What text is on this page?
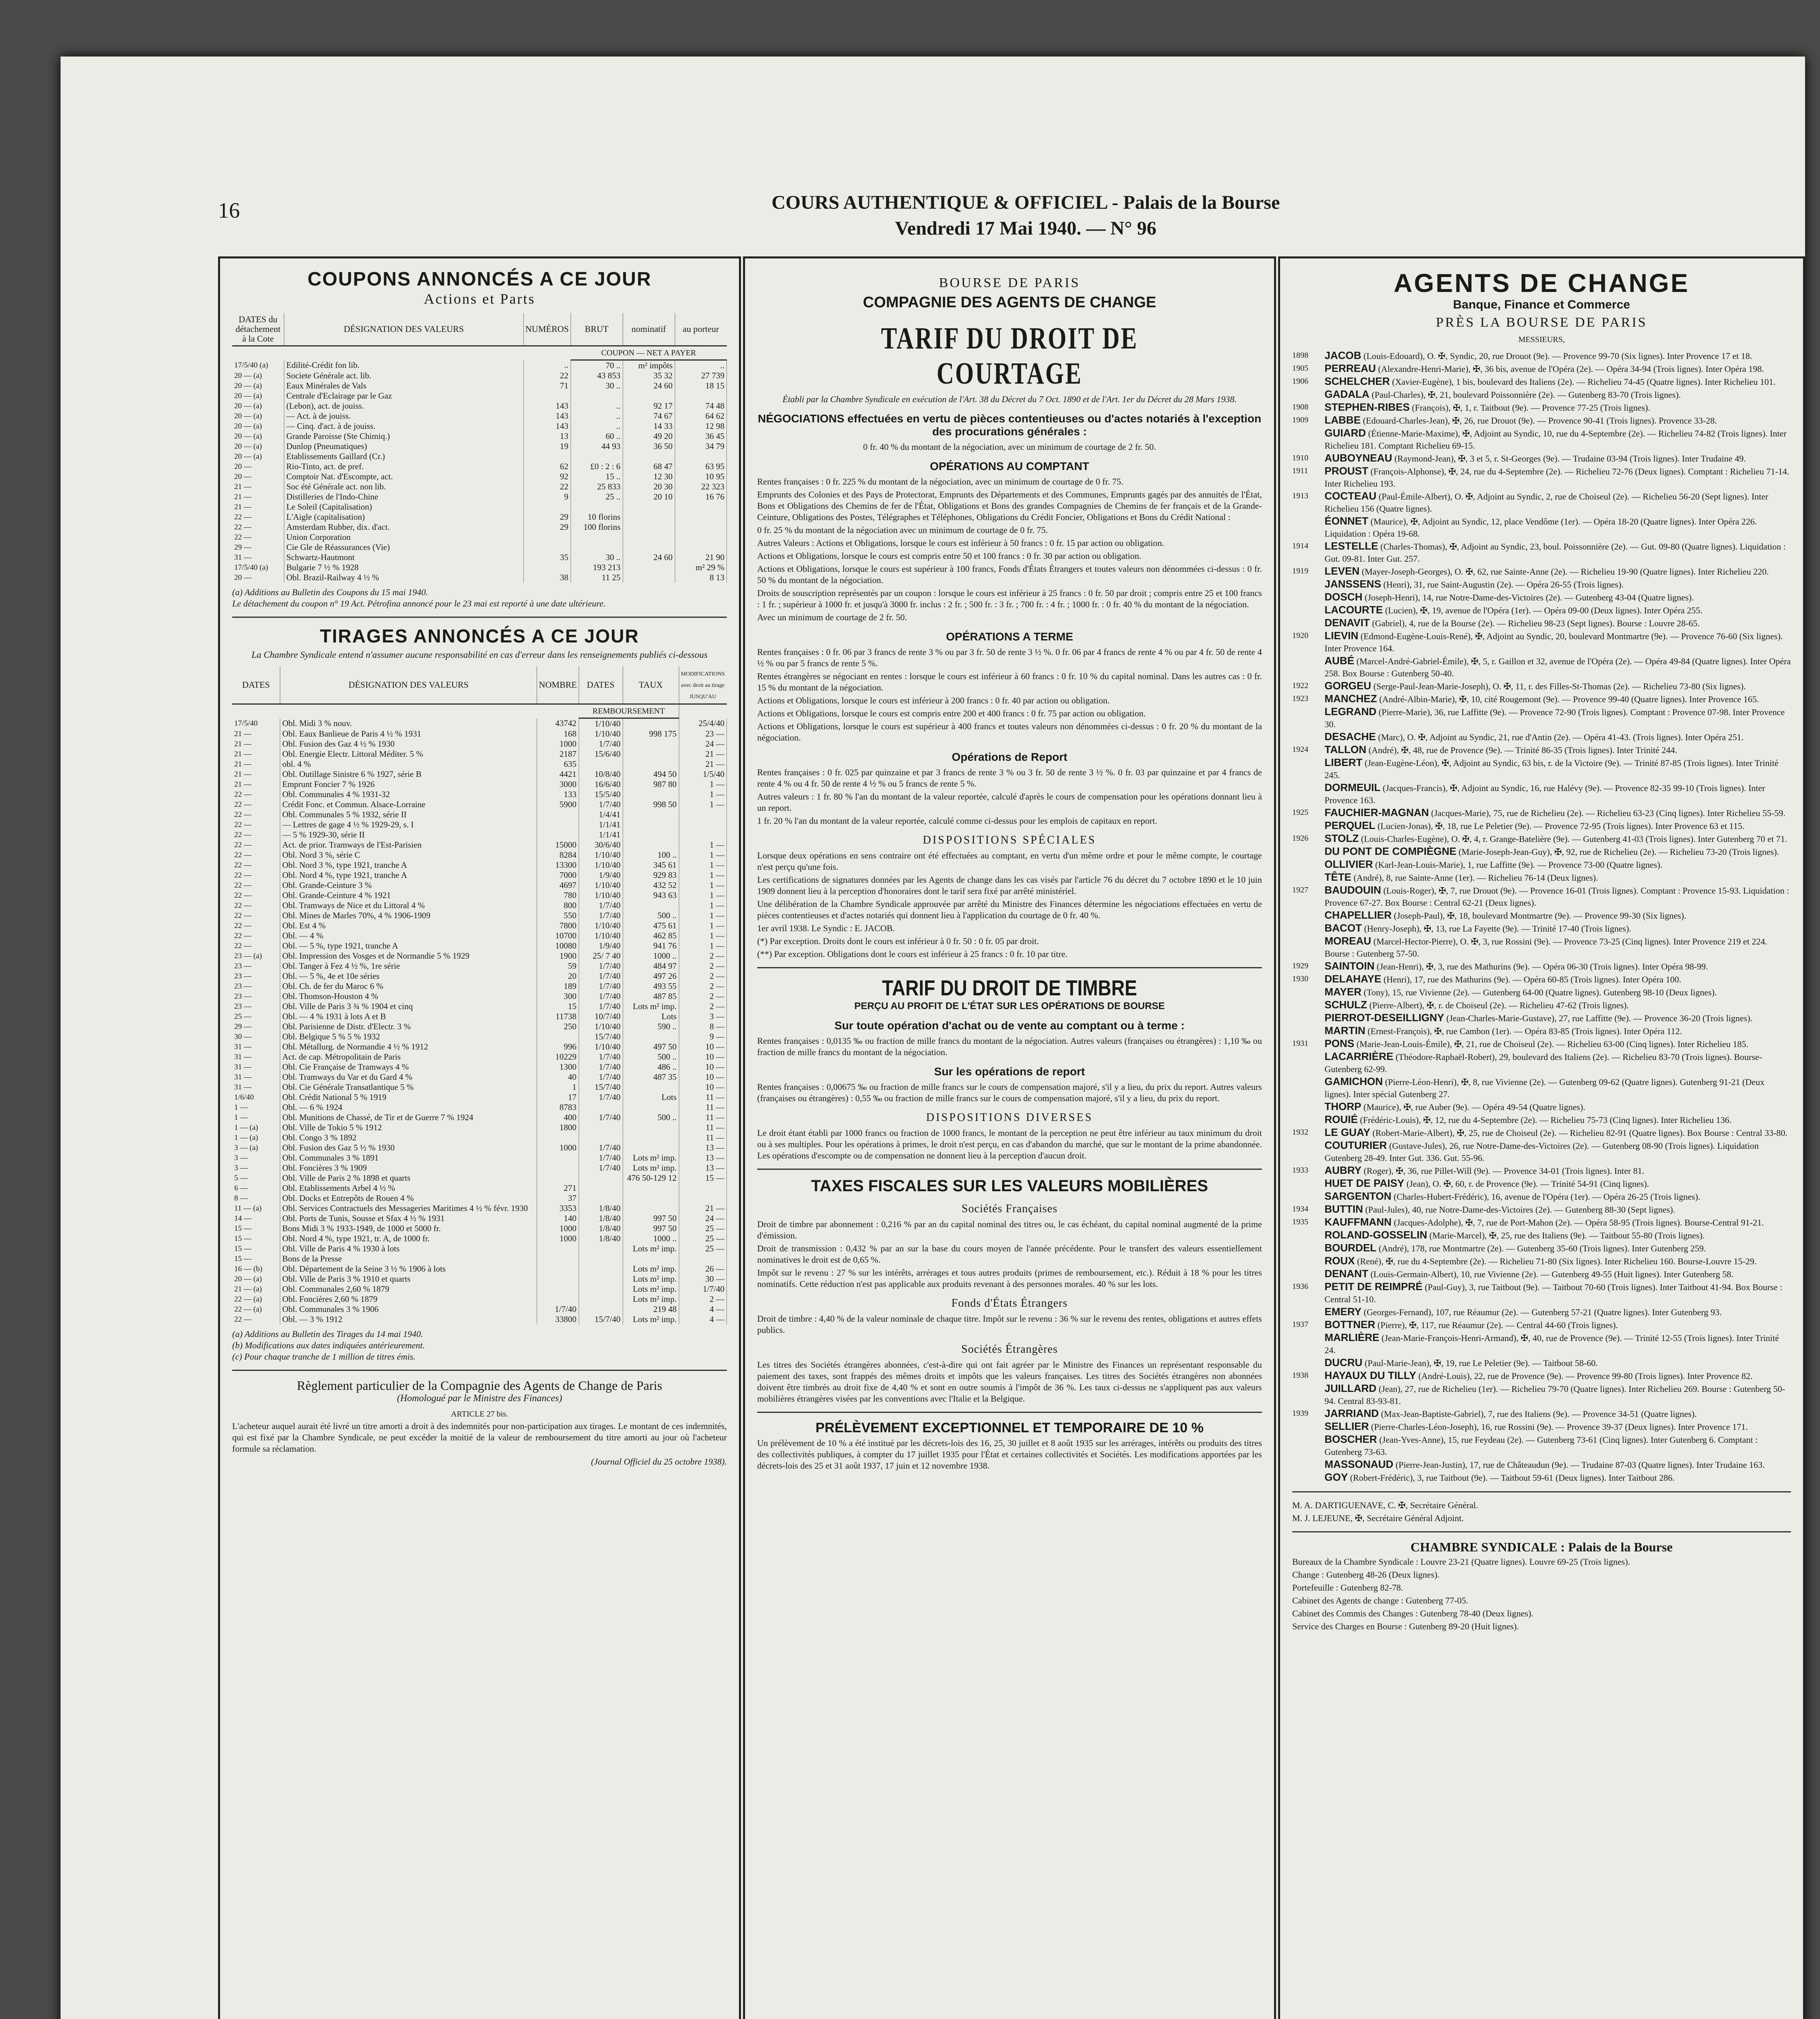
16	COURS AUTHENTIQUE & OFFICIEL - Palais de la Bourse
Vendredi 17 Mai 1940. — N° 96
COUPONS ANNONCÉS A CE JOUR
Actions et Parts
DATES du détachement à la Cote	DÉSIGNATION DES VALEURS	NUMÉROS	BRUT	nominatif	au porteur
			COUPON — NET A PAYER		
17/5/40 (a)	Edilité-Crédit fon lib.	..	70 ..	m² impôts	..
20 — (a)	Societe Générale act. lib.	22	43 853	35 32	27 739
20 — (a)	Eaux Minérales de Vals	71	30 ..	24 60	18 15
20 — (a)	Centrale d'Eclairage par le Gaz				
20 — (a)	(Lebon), act. de jouiss.	143	..	92 17	74 48
20 — (a)	— Act. à de jouiss.	143	..	74 67	64 62
20 — (a)	— Cinq. d'act. à de jouiss.	143	..	14 33	12 98
20 — (a)	Grande Paroisse (Ste Chimiq.)	13	60 ..	49 20	36 45
20 — (a)	Dunlop (Pneumatiques)	19	44 93	36 50	34 79
20 — (a)	Etablissements Gaillard (Cr.)				
20 —	Rio-Tinto, act. de pref.	62	£0 : 2 : 6	68 47	63 95
20 —	Comptoir Nat. d'Escompte, act.	92	15 ..	12 30	10 95
21 —	Soc été Générale act. non lib.	22	25 833	20 30	22 323
21 —	Distilleries de l'Indo-Chine	9	25 ..	20 10	16 76
21 —	Le Soleil (Capitalisation)				
22 —	L'Aigle (capitalisation)	29	10 florins		
22 —	Amsterdam Rubber, dix. d'act.	29	100 florins		
22 —	Union Corporation				
29 —	Cie Gle de Réassurances (Vie)				
31 —	Schwartz-Hautmont	35	30 ..	24 60	21 90
17/5/40 (a)	Bulgarie 7 ½ % 1928		193 213		m² 29 %
20 —	Obl. Brazil-Railway 4 ½ %	38	11 25		8 13
(a) Additions au Bulletin des Coupons du 15 mai 1940.
Le détachement du coupon n° 19 Act. Pétrofina annoncé pour le 23 mai est reporté à une date ultérieure.
TIRAGES ANNONCÉS A CE JOUR
La Chambre Syndicale entend n'assumer aucune responsabilité en cas d'erreur dans les renseignements publiés ci-dessous
DATES	DÉSIGNATION DES VALEURS	NOMBRE	DATES	TAUX	MODIFICATIONS avec droit au tirage JUSQU'AU
			REMBOURSEMENT		
17/5/40	Obl. Midi 3 % nouv.	43742	1/10/40		25/4/40
21 —	Obl. Eaux Banlieue de Paris 4 ½ % 1931	168	1/10/40	998 175	23 —
21 —	Obl. Fusion des Gaz 4 ½ % 1930	1000	1/7/40		24 —
21 —	Obl. Energie Electr. Littoral Méditer. 5 %	2187	15/6/40		21 —
21 —	obl. 4 %	635			21 —
21 —	Obl. Outillage Sinistre 6 % 1927, série B	4421	10/8/40	494 50	1/5/40
21 —	Emprunt Foncier 7 % 1926	3000	16/6/40	987 80	1 —
22 —	Obl. Communales 4 % 1931-32	133	15/5/40		1 —
22 —	Crédit Fonc. et Commun. Alsace-Lorraine	5900	1/7/40	998 50	1 —
22 —	Obl. Communales 5 % 1932, série II		1/4/41		
22 —	— Lettres de gage 4 ½ % 1929-29, s. I		1/1/41		
22 —	— 5 % 1929-30, série II		1/1/41		
22 —	Act. de prior. Tramways de l'Est-Parisien	15000	30/6/40		1 —
22 —	Obl. Nord 3 %, série C	8284	1/10/40	100 ..	1 —
22 —	Obl. Nord 3 %, type 1921, tranche A	13300	1/10/40	345 61	1 —
22 —	Obl. Nord 4 %, type 1921, tranche A	7000	1/9/40	929 83	1 —
22 —	Obl. Grande-Ceinture 3 %	4697	1/10/40	432 52	1 —
22 —	Obl. Grande-Ceinture 4 % 1921	780	1/10/40	943 63	1 —
22 —	Obl. Tramways de Nice et du Littoral 4 %	800	1/7/40		1 —
22 —	Obl. Mines de Marles 70%, 4 % 1906-1909	550	1/7/40	500 ..	1 —
22 —	Obl. Est 4 %	7800	1/10/40	475 61	1 —
22 —	Obl. — 4 %	10700	1/10/40	462 85	1 —
22 —	Obl. — 5 %, type 1921, tranche A	10080	1/9/40	941 76	1 —
23 — (a)	Obl. Impression des Vosges et de Normandie 5 % 1929	1900	25/ 7 40	1000 ..	2 —
23 —	Obl. Tanger à Fez 4 ½ %, 1re série	59	1/7/40	484 97	2 —
23 —	Obl. — 5 %, 4e et 10e séries	20	1/7/40	497 26	2 —
23 —	Obl. Ch. de fer du Maroc 6 %	189	1/7/40	493 55	2 —
23 —	Obl. Thomson-Houston 4 %	300	1/7/40	487 85	2 —
23 —	Obl. Ville de Paris 3 ¾ % 1904 et cinq	15	1/7/40	Lots m² imp.	2 —
25 —	Obl. — 4 % 1931 à lots A et B	11738	10/7/40	Lots	3 —
29 —	Obl. Parisienne de Distr. d'Electr. 3 %	250	1/10/40	590 ..	8 —
30 —	Obl. Belgique 5 % 5 % 1932		15/7/40		9 —
31 —	Obl. Métallurg. de Normandie 4 ½ % 1912	996	1/10/40	497 50	10 —
31 —	Act. de cap. Métropolitain de Paris	10229	1/7/40	500 ..	10 —
31 —	Obl. Cie Française de Tramways 4 %	1300	1/7/40	486 ..	10 —
31 —	Obl. Tramways du Var et du Gard 4 %	40	1/7/40	487 35	10 —
31 —	Obl. Cie Générale Transatlantique 5 %	1	15/7/40		10 —
1/6/40	Obl. Crédit National 5 % 1919	17	1/7/40	Lots	11 —
1 —	Obl. — 6 % 1924	8783			11 —
1 —	Obl. Munitions de Chassé, de Tir et de Guerre 7 % 1924	400	1/7/40	500 ..	11 —
1 — (a)	Obl. Ville de Tokio 5 % 1912	1800			11 —
1 — (a)	Obl. Congo 3 % 1892				11 —
3 — (a)	Obl. Fusion des Gaz 5 ½ % 1930	1000	1/7/40		13 —
3 —	Obl. Communales 3 % 1891		1/7/40	Lots m² imp.	13 —
3 —	Obl. Foncières 3 % 1909		1/7/40	Lots m² imp.	13 —
5 —	Obl. Ville de Paris 2 % 1898 et quarts			476 50-129 12	15 —
6 —	Obl. Etablissements Arbel 4 ½ %	271			
8 —	Obl. Docks et Entrepôts de Rouen 4 %	37			
11 — (a)	Obl. Services Contractuels des Messageries Maritimes 4 ½ % févr. 1930	3353	1/8/40		21 —
14 —	Obl. Ports de Tunis, Sousse et Sfax 4 ½ % 1931	140	1/8/40	997 50	24 —
15 —	Bons Midi 3 % 1933-1949, de 1000 et 5000 fr.	1000	1/8/40	997 50	25 —
15 —	Obl. Nord 4 %, type 1921, tr. A, de 1000 fr.	1000	1/8/40	1000 ..	25 —
15 —	Obl. Ville de Paris 4 % 1930 à lots			Lots m² imp.	25 —
15 —	Bons de la Presse				
16 — (b)	Obl. Département de la Seine 3 ½ % 1906 à lots			Lots m² imp.	26 —
20 — (a)	Obl. Ville de Paris 3 % 1910 et quarts			Lots m² imp.	30 —
21 — (a)	Obl. Communales 2,60 % 1879			Lots m² imp.	1/7/40
22 — (a)	Obl. Foncières 2,60 % 1879			Lots m² imp.	2 —
22 — (a)	Obl. Communales 3 % 1906	1/7/40		219 48	4 —
22 —	Obl. — 3 % 1912	33800	15/7/40	Lots m² imp.	4 —
(a) Additions au Bulletin des Tirages du 14 mai 1940.
(b) Modifications aux dates indiquées antérieurement.
(c) Pour chaque tranche de 1 million de titres émis.
Règlement particulier de la Compagnie des Agents de Change de Paris
(Homologué par le Ministre des Finances)
ARTICLE 27 bis.
L'acheteur auquel aurait été livré un titre amorti a droit à des indemnités pour non-participation aux tirages. Le montant de ces indemnités, qui est fixé par la Chambre Syndicale, ne peut excéder la moitié de la valeur de remboursement du titre amorti au jour où l'acheteur formule sa réclamation.
(Journal Officiel du 25 octobre 1938).
BOURSE DE PARIS
COMPAGNIE DES AGENTS DE CHANGE
TARIF DU DROIT DE COURTAGE
Établi par la Chambre Syndicale en exécution de l'Art. 38 du Décret du 7 Oct. 1890 et de l'Art. 1er du Décret du 28 Mars 1938.
NÉGOCIATIONS effectuées en vertu de pièces contentieuses ou d'actes notariés à l'exception des procurations générales :
0 fr. 40 % du montant de la négociation, avec un minimum de courtage de 2 fr. 50.
OPÉRATIONS AU COMPTANT
Rentes françaises : 0 fr. 225 % du montant de la négociation, avec un minimum de courtage de 0 fr. 75.
Emprunts des Colonies et des Pays de Protectorat, Emprunts des Départements et des Communes, Emprunts gagés par des annuités de l'État, Bons et Obligations des Chemins de fer de l'État, Obligations et Bons des grandes Compagnies de Chemins de fer français et de la Grande-Ceinture, Obligations des Postes, Télégraphes et Téléphones, Obligations du Crédit Foncier, Obligations et Bons du Crédit National :
0 fr. 25 % du montant de la négociation avec un minimum de courtage de 0 fr. 75.
Autres Valeurs : Actions et Obligations, lorsque le cours est inférieur à 50 francs : 0 fr. 15 par action ou obligation.
Actions et Obligations, lorsque le cours est compris entre 50 et 100 francs : 0 fr. 30 par action ou obligation.
Actions et Obligations, lorsque le cours est supérieur à 100 francs, Fonds d'États Étrangers et toutes valeurs non dénommées ci-dessus : 0 fr. 50 % du montant de la négociation.
Droits de souscription représentés par un coupon : lorsque le cours est inférieur à 25 francs : 0 fr. 50 par droit ; compris entre 25 et 100 francs : 1 fr. ; supérieur à 1000 fr. et jusqu'à 3000 fr. inclus : 2 fr. ; 500 fr. : 3 fr. ; 700 fr. : 4 fr. ; 1000 fr. : 0 fr. 40 % du montant de la négociation.
Avec un minimum de courtage de 2 fr. 50.
OPÉRATIONS A TERME
Rentes françaises : 0 fr. 06 par 3 francs de rente 3 % ou par 3 fr. 50 de rente 3 ½ %. 0 fr. 06 par 4 francs de rente 4 % ou par 4 fr. 50 de rente 4 ½ % ou par 5 francs de rente 5 %.
Rentes étrangères se négociant en rentes : lorsque le cours est inférieur à 60 francs : 0 fr. 10 % du capital nominal. Dans les autres cas : 0 fr. 15 % du montant de la négociation.
Actions et Obligations, lorsque le cours est inférieur à 200 francs : 0 fr. 40 par action ou obligation.
Actions et Obligations, lorsque le cours est compris entre 200 et 400 francs : 0 fr. 75 par action ou obligation.
Actions et Obligations, lorsque le cours est supérieur à 400 francs et toutes valeurs non dénommées ci-dessus : 0 fr. 20 % du montant de la négociation.
Opérations de Report
Rentes françaises : 0 fr. 025 par quinzaine et par 3 francs de rente 3 % ou 3 fr. 50 de rente 3 ½ %. 0 fr. 03 par quinzaine et par 4 francs de rente 4 % ou 4 fr. 50 de rente 4 ½ % ou 5 francs de rente 5 %.
Autres valeurs : 1 fr. 80 % l'an du montant de la valeur reportée, calculé d'après le cours de compensation pour les opérations donnant lieu à un report.
1 fr. 20 % l'an du montant de la valeur reportée, calculé comme ci-dessus pour les emplois de capitaux en report.
DISPOSITIONS SPÉCIALES
Lorsque deux opérations en sens contraire ont été effectuées au comptant, en vertu d'un même ordre et pour le même compte, le courtage n'est perçu qu'une fois.
Les certifications de signatures données par les Agents de change dans les cas visés par l'article 76 du décret du 7 octobre 1890 et le 10 juin 1909 donnent lieu à la perception d'honoraires dont le tarif sera fixé par arrêté ministériel.
Une délibération de la Chambre Syndicale approuvée par arrêté du Ministre des Finances détermine les négociations effectuées en vertu de pièces contentieuses et d'actes notariés qui donnent lieu à l'application du courtage de 0 fr. 40 %.
1er avril 1938. Le Syndic : E. JACOB.
(*) Par exception. Droits dont le cours est inférieur à 0 fr. 50 : 0 fr. 05 par droit.
(**) Par exception. Obligations dont le cours est inférieur à 25 francs : 0 fr. 10 par titre.
TARIF DU DROIT DE TIMBRE
PERÇU AU PROFIT DE L'ÉTAT SUR LES OPÉRATIONS DE BOURSE
Sur toute opération d'achat ou de vente au comptant ou à terme :
Rentes françaises : 0,0135 ‰ ou fraction de mille francs du montant de la négociation. Autres valeurs (françaises ou étrangères) : 1,10 ‰ ou fraction de mille francs du montant de la négociation.
Sur les opérations de report
Rentes françaises : 0,00675 ‰ ou fraction de mille francs sur le cours de compensation majoré, s'il y a lieu, du prix du report. Autres valeurs (françaises ou étrangères) : 0,55 ‰ ou fraction de mille francs sur le cours de compensation majoré, s'il y a lieu, du prix du report.
DISPOSITIONS DIVERSES
Le droit étant établi par 1000 francs ou fraction de 1000 francs, le montant de la perception ne peut être inférieur au taux minimum du droit ou à ses multiples. Pour les opérations à primes, le droit n'est perçu, en cas d'abandon du marché, que sur le montant de la prime abandonnée. Les opérations d'escompte ou de compensation ne donnent lieu à la perception d'aucun droit.
TAXES FISCALES SUR LES VALEURS MOBILIÈRES
Sociétés Françaises
Droit de timbre par abonnement : 0,216 % par an du capital nominal des titres ou, le cas échéant, du capital nominal augmenté de la prime d'émission.
Droit de transmission : 0,432 % par an sur la base du cours moyen de l'année précédente. Pour le transfert des valeurs essentiellement nominatives le droit est de 0,65 %.
Impôt sur le revenu : 27 % sur les intérêts, arrérages et tous autres produits (primes de remboursement, etc.). Réduit à 18 % pour les titres nominatifs. Cette réduction n'est pas applicable aux produits revenant à des personnes morales. 40 % sur les lots.
Fonds d'États Étrangers
Droit de timbre : 4,40 % de la valeur nominale de chaque titre. Impôt sur le revenu : 36 % sur le revenu des rentes, obligations et autres effets publics.
Sociétés Étrangères
Les titres des Sociétés étrangères abonnées, c'est-à-dire qui ont fait agréer par le Ministre des Finances un représentant responsable du paiement des taxes, sont frappés des mêmes droits et impôts que les valeurs françaises. Les titres des Sociétés étrangères non abonnées doivent être timbrés au droit fixe de 4,40 % et sont en outre soumis à l'impôt de 36 %. Les taux ci-dessus ne s'appliquent pas aux valeurs mobilières étrangères visées par les conventions avec l'Italie et la Belgique.
PRÉLÈVEMENT EXCEPTIONNEL ET TEMPORAIRE DE 10 %
Un prélèvement de 10 % a été institué par les décrets-lois des 16, 25, 30 juillet et 8 août 1935 sur les arrérages, intérêts ou produits des titres des collectivités publiques, à compter du 17 juillet 1935 pour l'État et certaines collectivités et Sociétés. Les modifications apportées par les décrets-lois des 25 et 31 août 1937, 17 juin et 12 novembre 1938.
AGENTS DE CHANGE
Banque, Finance et Commerce
PRÈS LA BOURSE DE PARIS
MESSIEURS,
1898	JACOB (Louis-Edouard), O. ✠, Syndic, 20, rue Drouot (9e). — Provence 99-70 (Six lignes). Inter Provence 17 et 18.
1905	PERREAU (Alexandre-Henri-Marie), ✠, 36 bis, avenue de l'Opéra (2e). — Opéra 34-94 (Trois lignes). Inter Opéra 198.
1906	SCHELCHER (Xavier-Eugène), 1 bis, boulevard des Italiens (2e). — Richelieu 74-45 (Quatre lignes). Inter Richelieu 101.
GADALA (Paul-Charles), ✠, 21, boulevard Poissonnière (2e). — Gutenberg 83-70 (Trois lignes).
1908	STEPHEN-RIBES (François), ✠, 1, r. Taitbout (9e). — Provence 77-25 (Trois lignes).
1909	LABBE (Edouard-Charles-Jean), ✠, 26, rue Drouot (9e). — Provence 90-41 (Trois lignes). Provence 33-28.
GUIARD (Étienne-Marie-Maxime), ✠, Adjoint au Syndic, 10, rue du 4-Septembre (2e). — Richelieu 74-82 (Trois lignes). Inter Richelieu 181. Comptant Richelieu 69-15.
1910	AUBOYNEAU (Raymond-Jean), ✠, 3 et 5, r. St-Georges (9e). — Trudaine 03-94 (Trois lignes). Inter Trudaine 49.
1911	PROUST (François-Alphonse), ✠, 24, rue du 4-Septembre (2e). — Richelieu 72-76 (Deux lignes). Comptant : Richelieu 71-14. Inter Richelieu 193.
1913	COCTEAU (Paul-Émile-Albert), O. ✠, Adjoint au Syndic, 2, rue de Choiseul (2e). — Richelieu 56-20 (Sept lignes). Inter Richelieu 156 (Quatre lignes).
ÉONNET (Maurice), ✠, Adjoint au Syndic, 12, place Vendôme (1er). — Opéra 18-20 (Quatre lignes). Inter Opéra 226. Liquidation : Opéra 19-68.
1914	LESTELLE (Charles-Thomas), ✠, Adjoint au Syndic, 23, boul. Poissonnière (2e). — Gut. 09-80 (Quatre lignes). Liquidation : Gut. 09-81. Inter Gut. 257.
1919	LEVEN (Mayer-Joseph-Georges), O. ✠, 62, rue Sainte-Anne (2e). — Richelieu 19-90 (Quatre lignes). Inter Richelieu 220.
JANSSENS (Henri), 31, rue Saint-Augustin (2e). — Opéra 26-55 (Trois lignes).
DOSCH (Joseph-Henri), 14, rue Notre-Dame-des-Victoires (2e). — Gutenberg 43-04 (Quatre lignes).
LACOURTE (Lucien), ✠, 19, avenue de l'Opéra (1er). — Opéra 09-00 (Deux lignes). Inter Opéra 255.
DENAVIT (Gabriel), 4, rue de la Bourse (2e). — Richelieu 98-23 (Sept lignes). Bourse : Louvre 28-65.
1920	LIEVIN (Edmond-Eugène-Louis-René), ✠, Adjoint au Syndic, 20, boulevard Montmartre (9e). — Provence 76-60 (Six lignes). Inter Provence 164.
AUBÉ (Marcel-André-Gabriel-Émile), ✠, 5, r. Gaillon et 32, avenue de l'Opéra (2e). — Opéra 49-84 (Quatre lignes). Inter Opéra 258. Box Bourse : Gutenberg 50-40.
1922	GORGEU (Serge-Paul-Jean-Marie-Joseph), O. ✠, 11, r. des Filles-St-Thomas (2e). — Richelieu 73-80 (Six lignes).
1923	MANCHEZ (André-Albin-Marie), ✠, 10, cité Rougemont (9e). — Provence 99-40 (Quatre lignes). Inter Provence 165.
LEGRAND (Pierre-Marie), 36, rue Laffitte (9e). — Provence 72-90 (Trois lignes). Comptant : Provence 07-98. Inter Provence 30.
DESACHE (Marc), O. ✠, Adjoint au Syndic, 21, rue d'Antin (2e). — Opéra 41-43. (Trois lignes). Inter Opéra 251.
1924	TALLON (André), ✠, 48, rue de Provence (9e). — Trinité 86-35 (Trois lignes). Inter Trinité 244.
LIBERT (Jean-Eugène-Léon), ✠, Adjoint au Syndic, 63 bis, r. de la Victoire (9e). — Trinité 87-85 (Trois lignes). Inter Trinité 245.
DORMEUIL (Jacques-Francis), ✠, Adjoint au Syndic, 16, rue Halévy (9e). — Provence 82-35 99-10 (Trois lignes). Inter Provence 163.
1925	FAUCHIER-MAGNAN (Jacques-Marie), 75, rue de Richelieu (2e). — Richelieu 63-23 (Cinq lignes). Inter Richelieu 55-59.
PERQUEL (Lucien-Jonas), ✠, 18, rue Le Peletier (9e). — Provence 72-95 (Trois lignes). Inter Provence 63 et 115.
1926	STOLZ (Louis-Charles-Eugène), O. ✠, 4, r. Grange-Batelière (9e). — Gutenberg 41-03 (Trois lignes). Inter Gutenberg 70 et 71.
DU PONT DE COMPIÈGNE (Marie-Joseph-Jean-Guy), ✠, 92, rue de Richelieu (2e). — Richelieu 73-20 (Trois lignes).
OLLIVIER (Karl-Jean-Louis-Marie), 1, rue Laffitte (9e). — Provence 73-00 (Quatre lignes).
TÊTE (André), 8, rue Sainte-Anne (1er). — Richelieu 76-14 (Deux lignes).
1927	BAUDOUIN (Louis-Roger), ✠, 7, rue Drouot (9e). — Provence 16-01 (Trois lignes). Comptant : Provence 15-93. Liquidation : Provence 67-27. Box Bourse : Central 62-21 (Deux lignes).
CHAPELLIER (Joseph-Paul), ✠, 18, boulevard Montmartre (9e). — Provence 99-30 (Six lignes).
BACOT (Henry-Joseph), ✠, 13, rue La Fayette (9e). — Trinité 17-40 (Trois lignes).
MOREAU (Marcel-Hector-Pierre), O. ✠, 3, rue Rossini (9e). — Provence 73-25 (Cinq lignes). Inter Provence 219 et 224. Bourse : Gutenberg 57-50.
1929	SAINTOIN (Jean-Henri), ✠, 3, rue des Mathurins (9e). — Opéra 06-30 (Trois lignes). Inter Opéra 98-99.
1930	DELAHAYE (Henri), 17, rue des Mathurins (9e). — Opéra 60-85 (Trois lignes). Inter Opéra 100.
MAYER (Tony), 15, rue Vivienne (2e). — Gutenberg 64-00 (Quatre lignes). Gutenberg 98-10 (Deux lignes).
SCHULZ (Pierre-Albert), ✠, r. de Choiseul (2e). — Richelieu 47-62 (Trois lignes).
PIERROT-DESEILLIGNY (Jean-Charles-Marie-Gustave), 27, rue Laffitte (9e). — Provence 36-20 (Trois lignes).
MARTIN (Ernest-François), ✠, rue Cambon (1er). — Opéra 83-85 (Trois lignes). Inter Opéra 112.
1931	PONS (Marie-Jean-Louis-Émile), ✠, 21, rue de Choiseul (2e). — Richelieu 63-00 (Cinq lignes). Inter Richelieu 185.
LACARRIÈRE (Théodore-Raphaël-Robert), 29, boulevard des Italiens (2e). — Richelieu 83-70 (Trois lignes). Bourse-Gutenberg 62-99.
GAMICHON (Pierre-Léon-Henri), ✠, 8, rue Vivienne (2e). — Gutenberg 09-62 (Quatre lignes). Gutenberg 91-21 (Deux lignes). Inter spécial Gutenberg 27.
THORP (Maurice), ✠, rue Auber (9e). — Opéra 49-54 (Quatre lignes).
ROUIÉ (Frédéric-Louis), ✠, 12, rue du 4-Septembre (2e). — Richelieu 75-73 (Cinq lignes). Inter Richelieu 136.
1932	LE GUAY (Robert-Marie-Albert), ✠, 25, rue de Choiseul (2e). — Richelieu 82-91 (Quatre lignes). Box Bourse : Central 33-80.
COUTURIER (Gustave-Jules), 26, rue Notre-Dame-des-Victoires (2e). — Gutenberg 08-90 (Trois lignes). Liquidation Gutenberg 28-49. Inter Gut. 336. Gut. 55-96.
1933	AUBRY (Roger), ✠, 36, rue Pillet-Will (9e). — Provence 34-01 (Trois lignes). Inter 81.
HUET DE PAISY (Jean), O. ✠, 60, r. de Provence (9e). — Trinité 54-91 (Cinq lignes).
SARGENTON (Charles-Hubert-Frédéric), 16, avenue de l'Opéra (1er). — Opéra 26-25 (Trois lignes).
1934	BUTTIN (Paul-Jules), 40, rue Notre-Dame-des-Victoires (2e). — Gutenberg 88-30 (Sept lignes).
1935	KAUFFMANN (Jacques-Adolphe), ✠, 7, rue de Port-Mahon (2e). — Opéra 58-95 (Trois lignes). Bourse-Central 91-21.
ROLAND-GOSSELIN (Marie-Marcel), ✠, 25, rue des Italiens (9e). — Taitbout 55-80 (Trois lignes).
BOURDEL (André), 178, rue Montmartre (2e). — Gutenberg 35-60 (Trois lignes). Inter Gutenberg 259.
ROUX (René), ✠, rue du 4-Septembre (2e). — Richelieu 71-80 (Six lignes). Inter Richelieu 160. Bourse-Louvre 15-29.
DENANT (Louis-Germain-Albert), 10, rue Vivienne (2e). — Gutenberg 49-55 (Huit lignes). Inter Gutenberg 58.
1936	PETIT DE REIMPRÉ (Paul-Guy), 3, rue Taitbout (9e). — Taitbout 70-60 (Trois lignes). Inter Taitbout 41-94. Box Bourse : Central 51-10.
EMERY (Georges-Fernand), 107, rue Réaumur (2e). — Gutenberg 57-21 (Quatre lignes). Inter Gutenberg 93.
1937	BOTTNER (Pierre), ✠, 117, rue Réaumur (2e). — Central 44-60 (Trois lignes).
MARLIÈRE (Jean-Marie-François-Henri-Armand), ✠, 40, rue de Provence (9e). — Trinité 12-55 (Trois lignes). Inter Trinité 24.
DUCRU (Paul-Marie-Jean), ✠, 19, rue Le Peletier (9e). — Taitbout 58-60.
1938	HAYAUX DU TILLY (André-Louis), 22, rue de Provence (9e). — Provence 99-80 (Trois lignes). Inter Provence 82.
JUILLARD (Jean), 27, rue de Richelieu (1er). — Richelieu 79-70 (Quatre lignes). Inter Richelieu 269. Bourse : Gutenberg 50-94. Central 83-93-81.
1939	JARRIAND (Max-Jean-Baptiste-Gabriel), 7, rue des Italiens (9e). — Provence 34-51 (Quatre lignes).
SELLIER (Pierre-Charles-Léon-Joseph), 16, rue Rossini (9e). — Provence 39-37 (Deux lignes). Inter Provence 171.
BOSCHER (Jean-Yves-Anne), 15, rue Feydeau (2e). — Gutenberg 73-61 (Cinq lignes). Inter Gutenberg 6. Comptant : Gutenberg 73-63.
MASSONAUD (Pierre-Jean-Justin), 17, rue de Châteaudun (9e). — Trudaine 87-03 (Quatre lignes). Inter Trudaine 163.
GOY (Robert-Frédéric), 3, rue Taitbout (9e). — Taitbout 59-61 (Deux lignes). Inter Taitbout 286.
M. A. DARTIGUENAVE, C. ✠, Secrétaire Général.
M. J. LEJEUNE, ✠, Secrétaire Général Adjoint.
CHAMBRE SYNDICALE : Palais de la Bourse
Bureaux de la Chambre Syndicale : Louvre 23-21 (Quatre lignes). Louvre 69-25 (Trois lignes).
Change : Gutenberg 48-26 (Deux lignes).
Portefeuille : Gutenberg 82-78.
Cabinet des Agents de change : Gutenberg 77-05.
Cabinet des Commis des Changes : Gutenberg 78-40 (Deux lignes).
Service des Charges en Bourse : Gutenberg 89-20 (Huit lignes).
